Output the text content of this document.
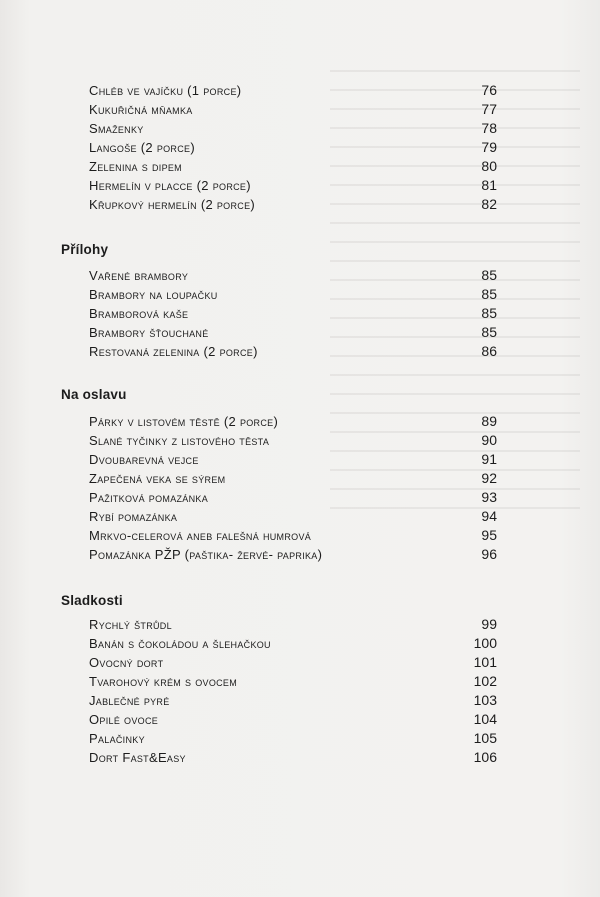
Chléb ve vajíčku (1 porce)	76
Kukuřičná mňamka	77
Smaženky	78
Langoše (2 porce)	79
Zelenina s dipem	80
Hermelín v placce (2 porce)	81
Křupkový hermelín (2 porce)	82
Přílohy
Vařené brambory	85
Brambory na loupačku	85
Bramborová kaše	85
Brambory šťouchané	85
Restovaná zelenina (2 porce)	86
Na oslavu
Párky v listovém těstě (2 porce)	89
Slané tyčinky z listového těsta	90
Dvoubarevná vejce	91
Zapečená veka se sýrem	92
Pažitková pomazánka	93
Rybí pomazánka	94
Mrkvo-celerová aneb falešná humrová	95
Pomazánka PŽP (paštika- žervé- paprika)	96
Sladkosti
Rychlý štrůdl	99
Banán s čokoládou a šlehačkou	100
Ovocný dort	101
Tvarohový krém s ovocem	102
Jablečné pyré	103
Opilé ovoce	104
Palačinky	105
Dort Fast&Easy	106
